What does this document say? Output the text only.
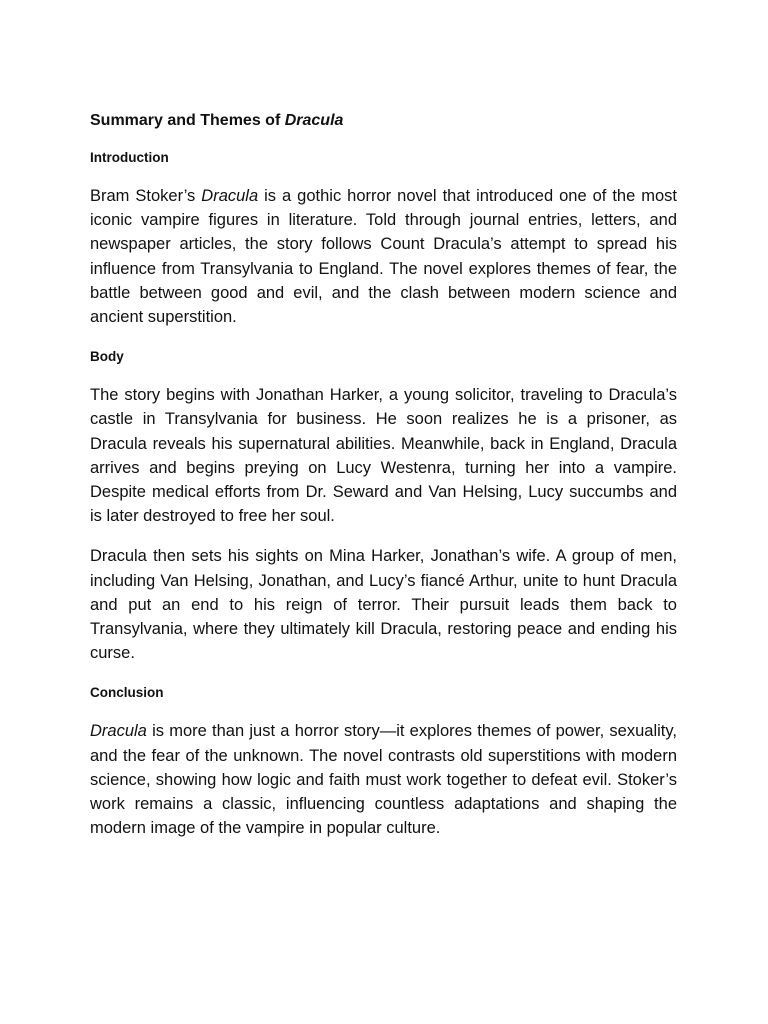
Summary and Themes of Dracula
Introduction

Bram Stoker’s Dracula is a gothic horror novel that introduced one of the most iconic vampire figures in literature. Told through journal entries, letters, and newspaper articles, the story follows Count Dracula’s attempt to spread his influence from Transylvania to England. The novel explores themes of fear, the battle between good and evil, and the clash between modern science and ancient superstition.

Body

The story begins with Jonathan Harker, a young solicitor, traveling to Dracula’s castle in Transylvania for business. He soon realizes he is a prisoner, as Dracula reveals his supernatural abilities. Meanwhile, back in England, Dracula arrives and begins preying on Lucy Westenra, turning her into a vampire. Despite medical efforts from Dr. Seward and Van Helsing, Lucy succumbs and is later destroyed to free her soul.

Dracula then sets his sights on Mina Harker, Jonathan’s wife. A group of men, including Van Helsing, Jonathan, and Lucy’s fiancé Arthur, unite to hunt Dracula and put an end to his reign of terror. Their pursuit leads them back to Transylvania, where they ultimately kill Dracula, restoring peace and ending his curse.

Conclusion

Dracula is more than just a horror story—it explores themes of power, sexuality, and the fear of the unknown. The novel contrasts old superstitions with modern science, showing how logic and faith must work together to defeat evil. Stoker’s work remains a classic, influencing countless adaptations and shaping the modern image of the vampire in popular culture.
